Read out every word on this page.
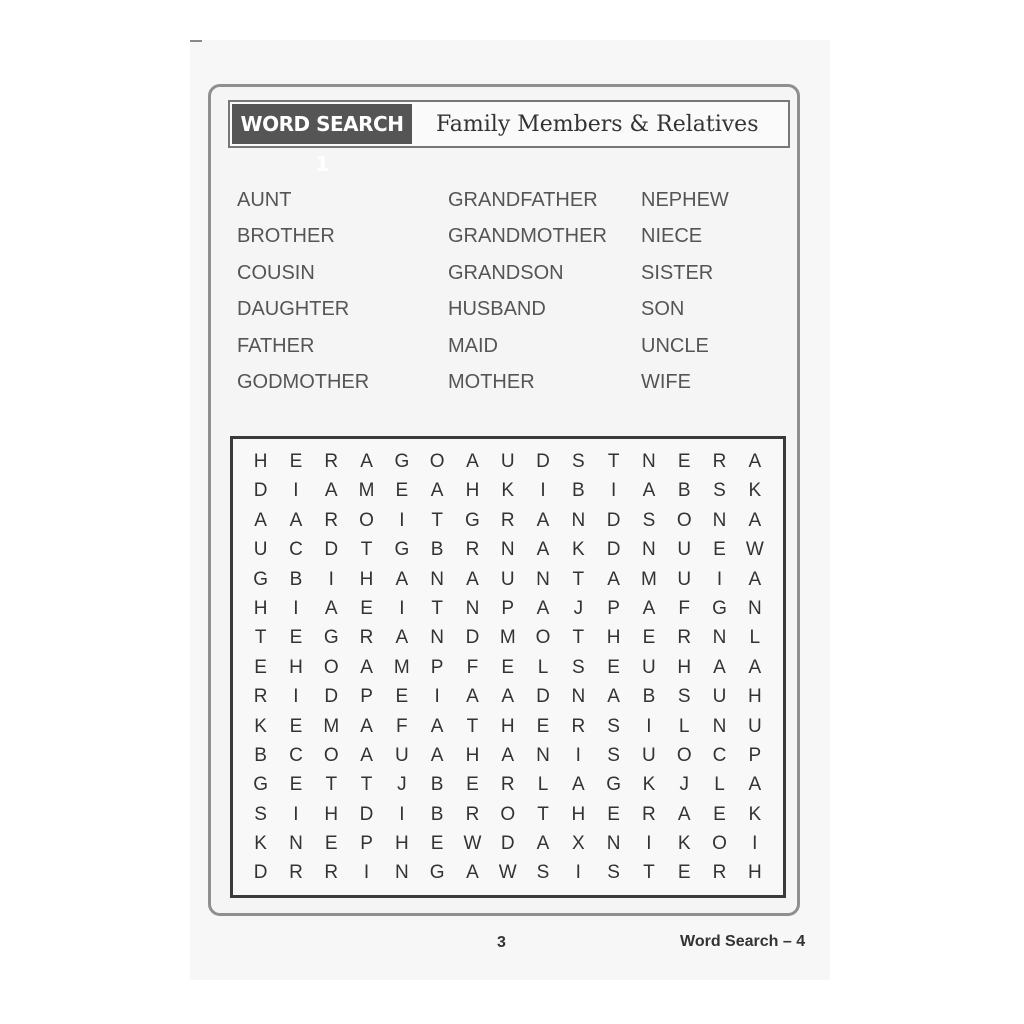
WORD SEARCH 1
Family Members & Relatives
AUNT
BROTHER
COUSIN
DAUGHTER
FATHER
GODMOTHER
GRANDFATHER
GRANDMOTHER
GRANDSON
HUSBAND
MAID
MOTHER
NEPHEW
NIECE
SISTER
SON
UNCLE
WIFE
H	E	R	A	G	O	A	U	D	S	T	N	E	R	A
D	I	A	M	E	A	H	K	I	B	I	A	B	S	K
A	A	R	O	I	T	G	R	A	N	D	S	O	N	A
U	C	D	T	G	B	R	N	A	K	D	N	U	E	W
G	B	I	H	A	N	A	U	N	T	A	M	U	I	A
H	I	A	E	I	T	N	P	A	J	P	A	F	G	N
T	E	G	R	A	N	D	M	O	T	H	E	R	N	L
E	H	O	A	M	P	F	E	L	S	E	U	H	A	A
R	I	D	P	E	I	A	A	D	N	A	B	S	U	H
K	E	M	A	F	A	T	H	E	R	S	I	L	N	U
B	C	O	A	U	A	H	A	N	I	S	U	O	C	P
G	E	T	T	J	B	E	R	L	A	G	K	J	L	A
S	I	H	D	I	B	R	O	T	H	E	R	A	E	K
K	N	E	P	H	E	W	D	A	X	N	I	K	O	I
D	R	R	I	N	G	A	W	S	I	S	T	E	R	H
3	Word Search – 4
